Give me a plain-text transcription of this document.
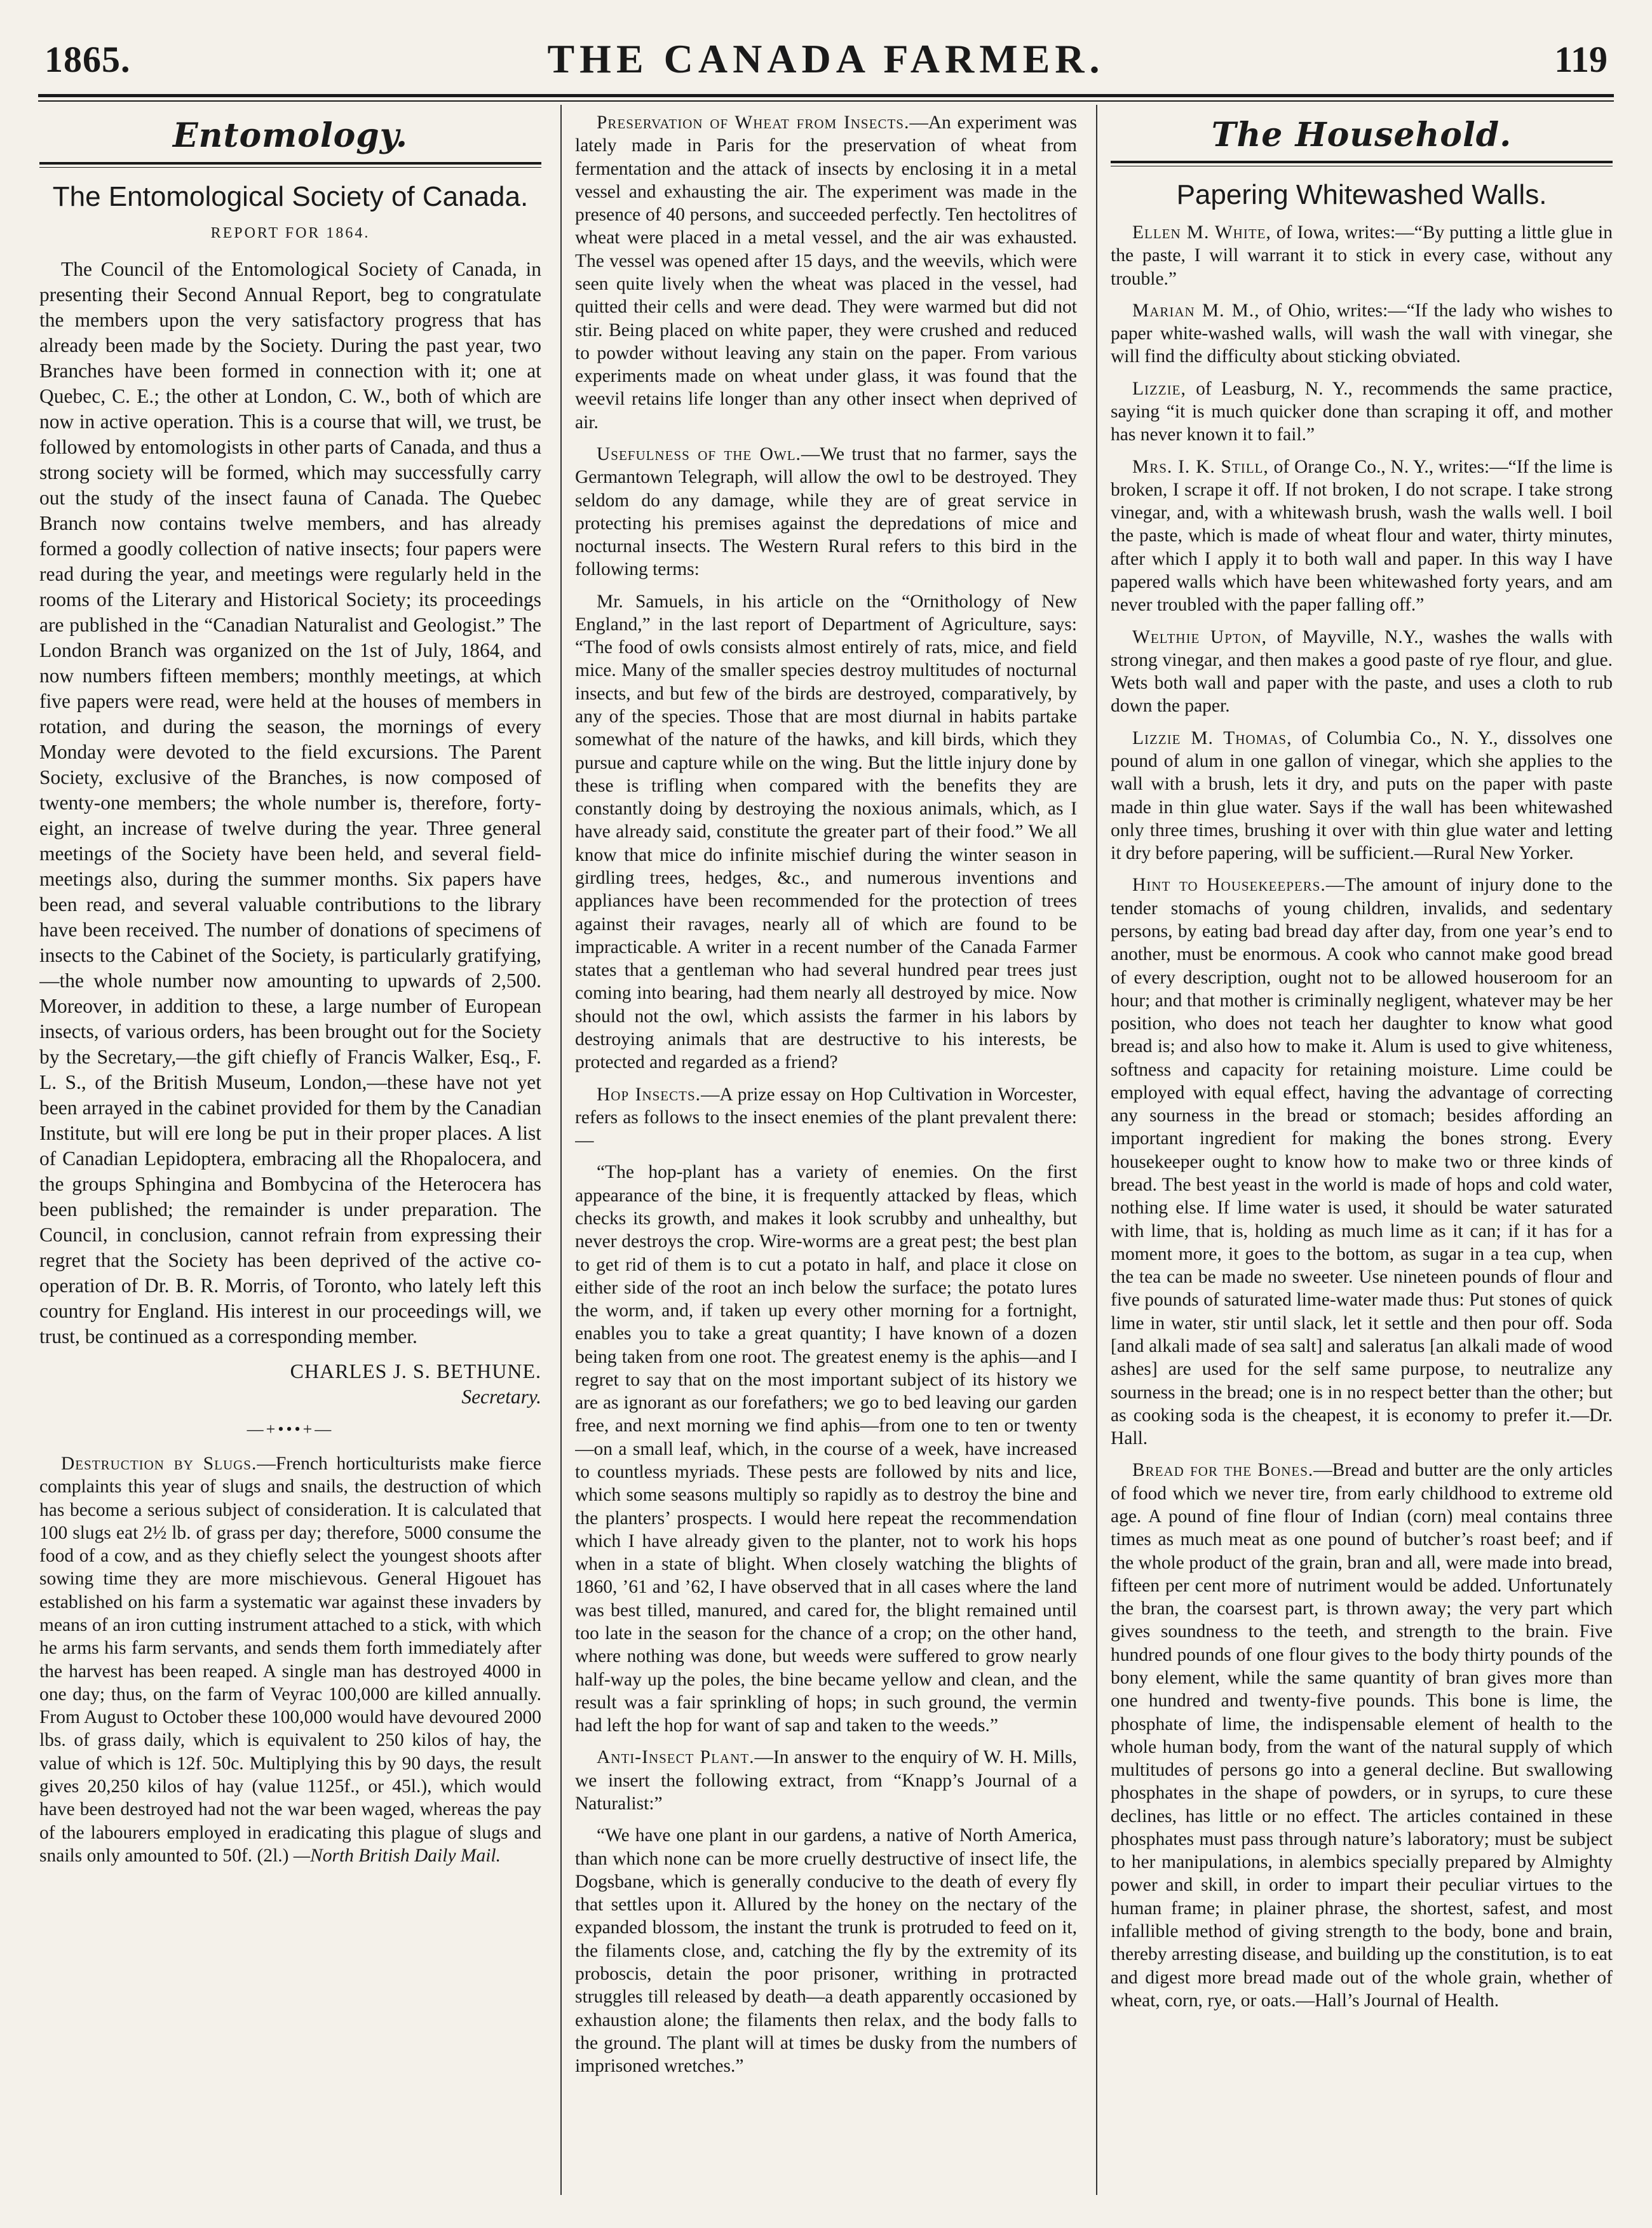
1865.	THE CANADA FARMER.	119
Entomology.
The Entomological Society of Canada.
REPORT FOR 1864.

The Council of the Entomological Society of Canada, in presenting their Second Annual Report, beg to congratulate the members upon the very satisfactory progress that has already been made by the Society. During the past year, two Branches have been formed in connection with it; one at Quebec, C. E.; the other at London, C. W., both of which are now in active operation. This is a course that will, we trust, be followed by entomologists in other parts of Canada, and thus a strong society will be formed, which may successfully carry out the study of the insect fauna of Canada. The Quebec Branch now contains twelve members, and has already formed a goodly collection of native insects; four papers were read during the year, and meetings were regularly held in the rooms of the Literary and Historical Society; its proceedings are published in the “Canadian Naturalist and Geologist.” The London Branch was organized on the 1st of July, 1864, and now numbers fifteen members; monthly meetings, at which five papers were read, were held at the houses of members in rotation, and during the season, the mornings of every Monday were devoted to the field excursions. The Parent Society, exclusive of the Branches, is now composed of twenty-one members; the whole number is, therefore, forty-eight, an increase of twelve during the year. Three general meetings of the Society have been held, and several field-meetings also, during the summer months. Six papers have been read, and several valuable contributions to the library have been received. The number of donations of specimens of insects to the Cabinet of the Society, is particularly gratifying,—the whole number now amounting to upwards of 2,500. Moreover, in addition to these, a large number of European insects, of various orders, has been brought out for the Society by the Secretary,—the gift chiefly of Francis Walker, Esq., F. L. S., of the British Museum, London,—these have not yet been arrayed in the cabinet provided for them by the Canadian Institute, but will ere long be put in their proper places. A list of Canadian Lepidoptera, embracing all the Rhopalocera, and the groups Sphingina and Bombycina of the Heterocera has been published; the remainder is under preparation. The Council, in conclusion, cannot refrain from expressing their regret that the Society has been deprived of the active co-operation of Dr. B. R. Morris, of Toronto, who lately left this country for England. His interest in our proceedings will, we trust, be continued as a corresponding member.

CHARLES J. S. BETHUNE.
Secretary.
—+•••+—

Destruction by Slugs.—French horticulturists make fierce complaints this year of slugs and snails, the destruction of which has become a serious subject of consideration. It is calculated that 100 slugs eat 2½ lb. of grass per day; therefore, 5000 consume the food of a cow, and as they chiefly select the youngest shoots after sowing time they are more mischievous. General Higouet has established on his farm a systematic war against these invaders by means of an iron cutting instrument attached to a stick, with which he arms his farm servants, and sends them forth immediately after the harvest has been reaped. A single man has destroyed 4000 in one day; thus, on the farm of Veyrac 100,000 are killed annually. From August to October these 100,000 would have devoured 2000 lbs. of grass daily, which is equivalent to 250 kilos of hay, the value of which is 12f. 50c. Multiplying this by 90 days, the result gives 20,250 kilos of hay (value 1125f., or 45l.), which would have been destroyed had not the war been waged, whereas the pay of the labourers employed in eradicating this plague of slugs and snails only amounted to 50f. (2l.) —North British Daily Mail.

Preservation of Wheat from Insects.—An experiment was lately made in Paris for the preservation of wheat from fermentation and the attack of insects by enclosing it in a metal vessel and exhausting the air. The experiment was made in the presence of 40 persons, and succeeded perfectly. Ten hectolitres of wheat were placed in a metal vessel, and the air was exhausted. The vessel was opened after 15 days, and the weevils, which were seen quite lively when the wheat was placed in the vessel, had quitted their cells and were dead. They were warmed but did not stir. Being placed on white paper, they were crushed and reduced to powder without leaving any stain on the paper. From various experiments made on wheat under glass, it was found that the weevil retains life longer than any other insect when deprived of air.

Usefulness of the Owl.—We trust that no farmer, says the Germantown Telegraph, will allow the owl to be destroyed. They seldom do any damage, while they are of great service in protecting his premises against the depredations of mice and nocturnal insects. The Western Rural refers to this bird in the following terms:

Mr. Samuels, in his article on the “Ornithology of New England,” in the last report of Department of Agriculture, says: “The food of owls consists almost entirely of rats, mice, and field mice. Many of the smaller species destroy multitudes of nocturnal insects, and but few of the birds are destroyed, comparatively, by any of the species. Those that are most diurnal in habits partake somewhat of the nature of the hawks, and kill birds, which they pursue and capture while on the wing. But the little injury done by these is trifling when compared with the benefits they are constantly doing by destroying the noxious animals, which, as I have already said, constitute the greater part of their food.” We all know that mice do infinite mischief during the winter season in girdling trees, hedges, &c., and numerous inventions and appliances have been recommended for the protection of trees against their ravages, nearly all of which are found to be impracticable. A writer in a recent number of the Canada Farmer states that a gentleman who had several hundred pear trees just coming into bearing, had them nearly all destroyed by mice. Now should not the owl, which assists the farmer in his labors by destroying animals that are destructive to his interests, be protected and regarded as a friend?

Hop Insects.—A prize essay on Hop Cultivation in Worcester, refers as follows to the insect enemies of the plant prevalent there:—

“The hop-plant has a variety of enemies. On the first appearance of the bine, it is frequently attacked by fleas, which checks its growth, and makes it look scrubby and unhealthy, but never destroys the crop. Wire-worms are a great pest; the best plan to get rid of them is to cut a potato in half, and place it close on either side of the root an inch below the surface; the potato lures the worm, and, if taken up every other morning for a fortnight, enables you to take a great quantity; I have known of a dozen being taken from one root. The greatest enemy is the aphis—and I regret to say that on the most important subject of its history we are as ignorant as our forefathers; we go to bed leaving our garden free, and next morning we find aphis—from one to ten or twenty—on a small leaf, which, in the course of a week, have increased to countless myriads. These pests are followed by nits and lice, which some seasons multiply so rapidly as to destroy the bine and the planters’ prospects. I would here repeat the recommendation which I have already given to the planter, not to work his hops when in a state of blight. When closely watching the blights of 1860, ’61 and ’62, I have observed that in all cases where the land was best tilled, manured, and cared for, the blight remained until too late in the season for the chance of a crop; on the other hand, where nothing was done, but weeds were suffered to grow nearly half-way up the poles, the bine became yellow and clean, and the result was a fair sprinkling of hops; in such ground, the vermin had left the hop for want of sap and taken to the weeds.”

Anti-Insect Plant.—In answer to the enquiry of W. H. Mills, we insert the following extract, from “Knapp’s Journal of a Naturalist:”

“We have one plant in our gardens, a native of North America, than which none can be more cruelly destructive of insect life, the Dogsbane, which is generally conducive to the death of every fly that settles upon it. Allured by the honey on the nectary of the expanded blossom, the instant the trunk is protruded to feed on it, the filaments close, and, catching the fly by the extremity of its proboscis, detain the poor prisoner, writhing in protracted struggles till released by death—a death apparently occasioned by exhaustion alone; the filaments then relax, and the body falls to the ground. The plant will at times be dusky from the numbers of imprisoned wretches.”

The Household.
Papering Whitewashed Walls.

Ellen M. White, of Iowa, writes:—“By putting a little glue in the paste, I will warrant it to stick in every case, without any trouble.”

Marian M. M., of Ohio, writes:—“If the lady who wishes to paper white-washed walls, will wash the wall with vinegar, she will find the difficulty about sticking obviated.

Lizzie, of Leasburg, N. Y., recommends the same practice, saying “it is much quicker done than scraping it off, and mother has never known it to fail.”

Mrs. I. K. Still, of Orange Co., N. Y., writes:—“If the lime is broken, I scrape it off. If not broken, I do not scrape. I take strong vinegar, and, with a whitewash brush, wash the walls well. I boil the paste, which is made of wheat flour and water, thirty minutes, after which I apply it to both wall and paper. In this way I have papered walls which have been whitewashed forty years, and am never troubled with the paper falling off.”

Welthie Upton, of Mayville, N.Y., washes the walls with strong vinegar, and then makes a good paste of rye flour, and glue. Wets both wall and paper with the paste, and uses a cloth to rub down the paper.

Lizzie M. Thomas, of Columbia Co., N. Y., dissolves one pound of alum in one gallon of vinegar, which she applies to the wall with a brush, lets it dry, and puts on the paper with paste made in thin glue water. Says if the wall has been whitewashed only three times, brushing it over with thin glue water and letting it dry before papering, will be sufficient.—Rural New Yorker.

Hint to Housekeepers.—The amount of injury done to the tender stomachs of young children, invalids, and sedentary persons, by eating bad bread day after day, from one year’s end to another, must be enormous. A cook who cannot make good bread of every description, ought not to be allowed houseroom for an hour; and that mother is criminally negligent, whatever may be her position, who does not teach her daughter to know what good bread is; and also how to make it. Alum is used to give whiteness, softness and capacity for retaining moisture. Lime could be employed with equal effect, having the advantage of correcting any sourness in the bread or stomach; besides affording an important ingredient for making the bones strong. Every housekeeper ought to know how to make two or three kinds of bread. The best yeast in the world is made of hops and cold water, nothing else. If lime water is used, it should be water saturated with lime, that is, holding as much lime as it can; if it has for a moment more, it goes to the bottom, as sugar in a tea cup, when the tea can be made no sweeter. Use nineteen pounds of flour and five pounds of saturated lime-water made thus: Put stones of quick lime in water, stir until slack, let it settle and then pour off. Soda [and alkali made of sea salt] and saleratus [an alkali made of wood ashes] are used for the self same purpose, to neutralize any sourness in the bread; one is in no respect better than the other; but as cooking soda is the cheapest, it is economy to prefer it.—Dr. Hall.

Bread for the Bones.—Bread and butter are the only articles of food which we never tire, from early childhood to extreme old age. A pound of fine flour of Indian (corn) meal contains three times as much meat as one pound of butcher’s roast beef; and if the whole product of the grain, bran and all, were made into bread, fifteen per cent more of nutriment would be added. Unfortunately the bran, the coarsest part, is thrown away; the very part which gives soundness to the teeth, and strength to the brain. Five hundred pounds of one flour gives to the body thirty pounds of the bony element, while the same quantity of bran gives more than one hundred and twenty-five pounds. This bone is lime, the phosphate of lime, the indispensable element of health to the whole human body, from the want of the natural supply of which multitudes of persons go into a general decline. But swallowing phosphates in the shape of powders, or in syrups, to cure these declines, has little or no effect. The articles contained in these phosphates must pass through nature’s laboratory; must be subject to her manipulations, in alembics specially prepared by Almighty power and skill, in order to impart their peculiar virtues to the human frame; in plainer phrase, the shortest, safest, and most infallible method of giving strength to the body, bone and brain, thereby arresting disease, and building up the constitution, is to eat and digest more bread made out of the whole grain, whether of wheat, corn, rye, or oats.—Hall’s Journal of Health.
